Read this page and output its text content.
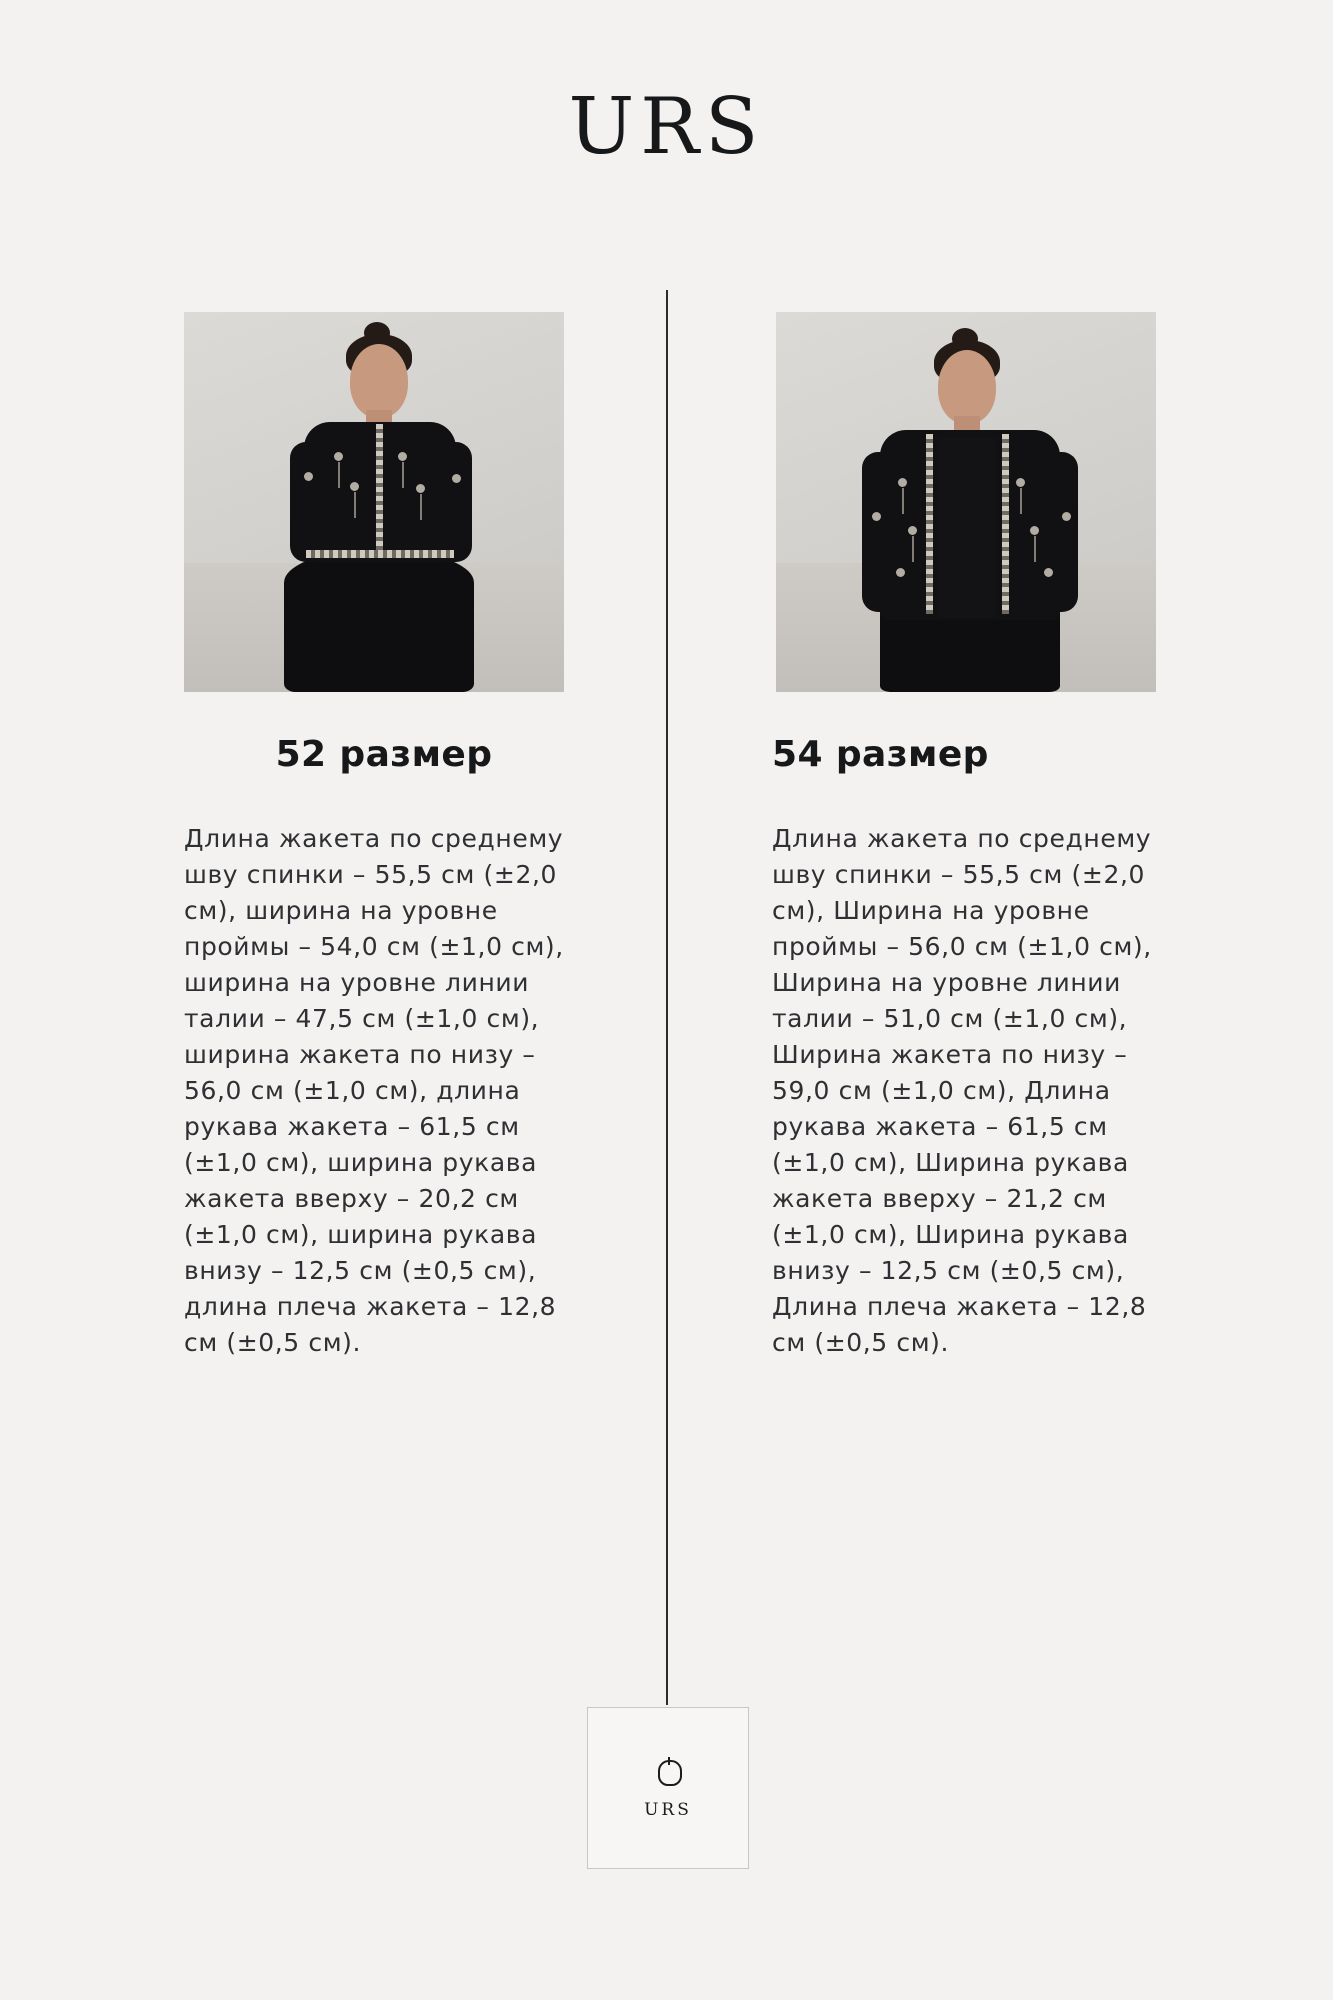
URS
52 размер
Длина жакета по среднему шву спинки – 55,5 см (±2,0 см), ширина на уровне проймы – 54,0 см (±1,0 см), ширина на уровне линии талии – 47,5 см (±1,0 см), ширина жакета по низу – 56,0 см (±1,0 см), длина рукава жакета – 61,5 см (±1,0 см), ширина рукава жакета вверху – 20,2 см (±1,0 см), ширина рукава внизу – 12,5 см (±0,5 см), длина плеча жакета – 12,8 см (±0,5 см).
54 размер
Длина жакета по среднему шву спинки – 55,5 см (±2,0 см), Ширина на уровне проймы – 56,0 см (±1,0 см), Ширина на уровне линии талии – 51,0 см (±1,0 см), Ширина жакета по низу – 59,0 см (±1,0 см), Длина рукава жакета – 61,5 см (±1,0 см), Ширина рукава жакета вверху – 21,2 см (±1,0 см), Ширина рукава внизу – 12,5 см (±0,5 см), Длина плеча жакета – 12,8 см (±0,5 см).
URS
